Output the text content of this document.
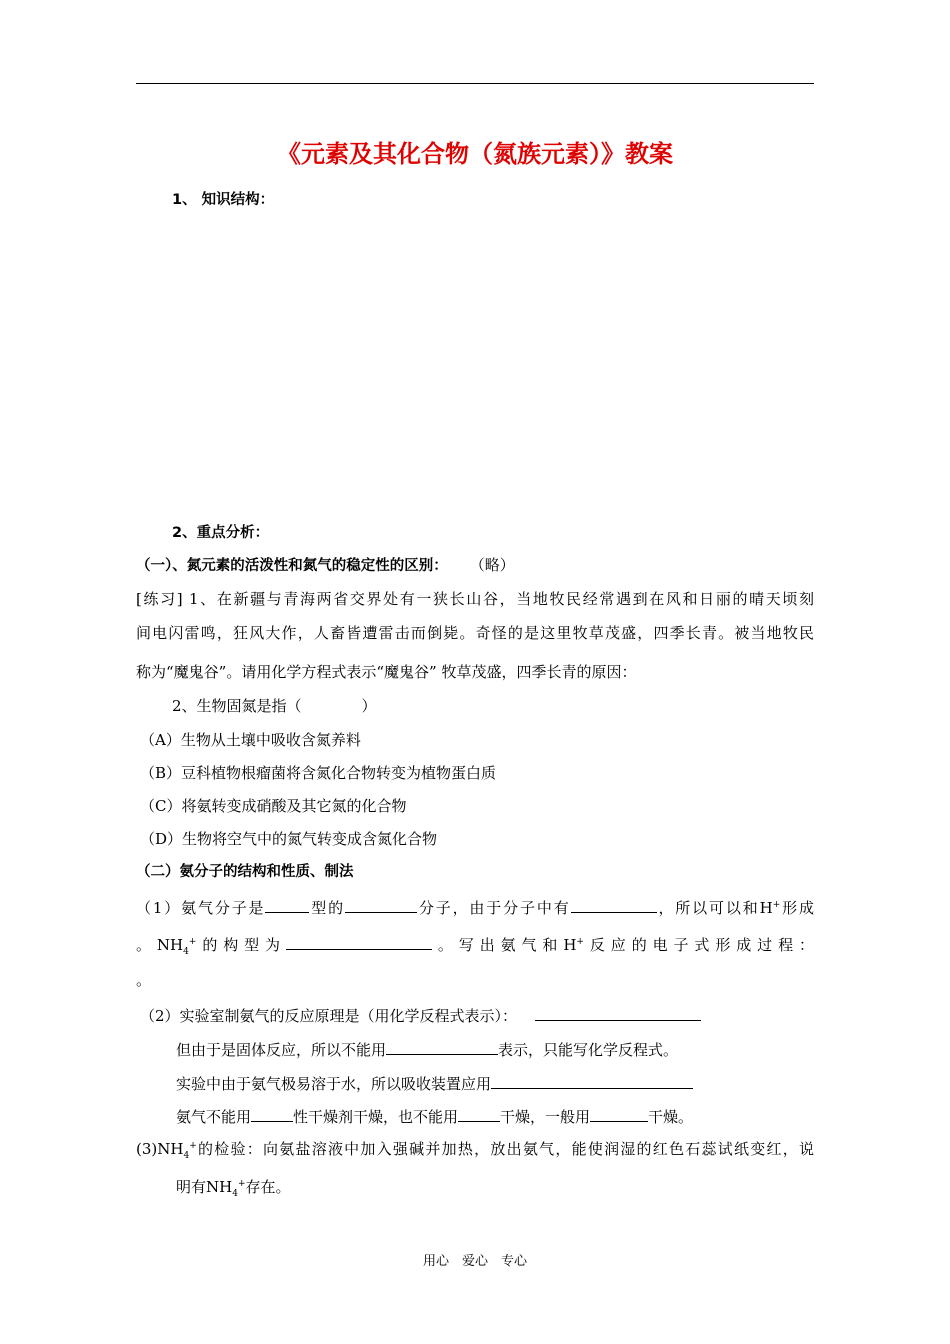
《元素及其化合物（氮族元素）》教案
1、 知识结构：
2、重点分析：
（一）、氮元素的活泼性和氮气的稳定性的区别： （略）
[练习] 1、在新疆与青海两省交界处有一狭长山谷，当地牧民经常遇到在风和日丽的晴天顷刻
间电闪雷鸣，狂风大作，人畜皆遭雷击而倒毙。奇怪的是这里牧草茂盛，四季长青。被当地牧民
称为“魔鬼谷”。请用化学方程式表示“魔鬼谷” 牧草茂盛，四季长青的原因：
2、生物固氮是指（	）
（A）生物从土壤中吸收含氮养料
（B）豆科植物根瘤菌将含氮化合物转变为植物蛋白质
（C）将氨转变成硝酸及其它氮的化合物
（D）生物将空气中的氮气转变成含氮化合物
（二）氨分子的结构和性质、制法
（1）氨气分子是	型的	分子，由于分子中有	，所以可以和H+形成
。$NH_4^+$的构型为	。写出氨气和H+反应的电子式形成过程：
。
（2）实验室制氨气的反应原理是（用化学反程式表示）：
但由于是固体反应，所以不能用	表示，只能写化学反程式。
实验中由于氨气极易溶于水，所以吸收装置应用
氨气不能用	性干燥剂干燥，也不能用	干燥，一般用	干燥。
$(3)NH_4^+$的检验：向氨盐溶液中加入强碱并加热，放出氨气，能使润湿的红色石蕊试纸变红，说
明有$NH_4^+$存在。
用心　爱心　专心
